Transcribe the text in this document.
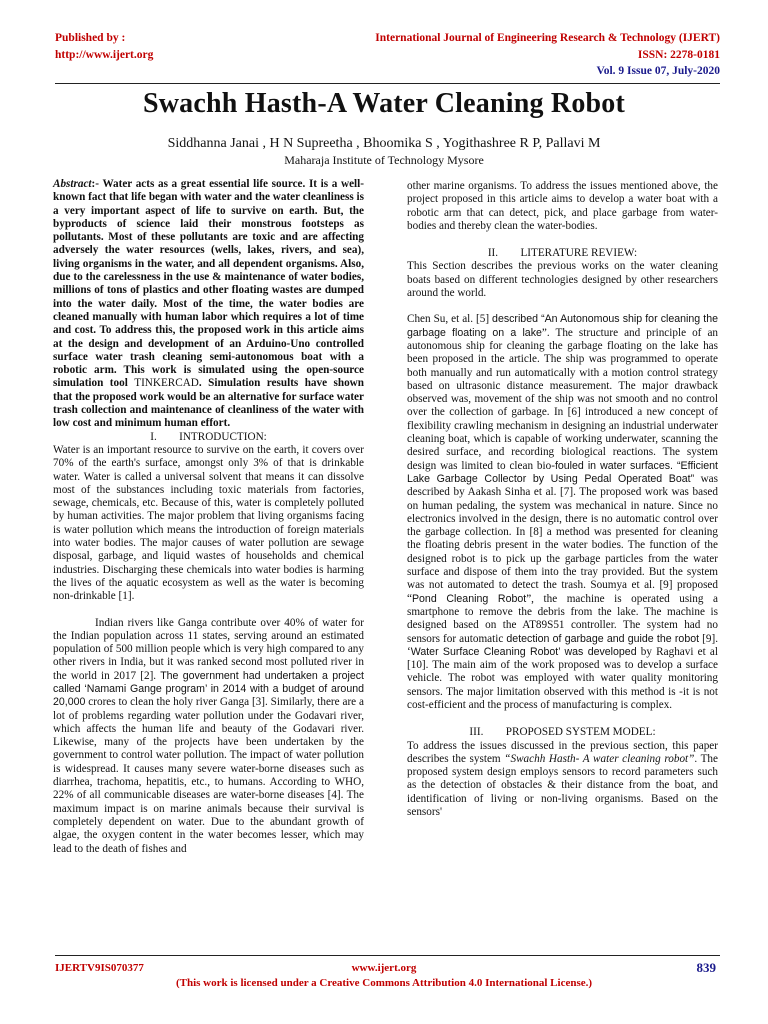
Published by :
http://www.ijert.org
International Journal of Engineering Research & Technology (IJERT)
ISSN: 2278-0181
Vol. 9 Issue 07, July-2020
Swachh Hasth-A Water Cleaning Robot
Siddhanna Janai , H N Supreetha , Bhoomika S , Yogithashree R P, Pallavi M
Maharaja Institute of Technology Mysore

Abstract:- Water acts as a great essential life source. It is a well-known fact that life began with water and the water cleanliness is a very important aspect of life to survive on earth. But, the byproducts of science laid their monstrous footsteps as pollutants. Most of these pollutants are toxic and are affecting adversely the water resources (wells, lakes, rivers, and sea), living organisms in the water, and all dependent organisms. Also, due to the carelessness in the use & maintenance of water bodies, millions of tons of plastics and other floating wastes are dumped into the water daily. Most of the time, the water bodies are cleaned manually with human labor which requires a lot of time and cost. To address this, the proposed work in this article aims at the design and development of an Arduino-Uno controlled surface water trash cleaning semi-autonomous boat with a robotic arm. This work is simulated using the open-source simulation tool TINKERCAD. Simulation results have shown that the proposed work would be an alternative for surface water trash collection and maintenance of cleanliness of the water with low cost and minimum human effort.

I.        INTRODUCTION:

Water is an important resource to survive on the earth, it covers over 70% of the earth's surface, amongst only 3% of that is drinkable water. Water is called a universal solvent that means it can dissolve most of the substances including toxic materials from factories, sewage, chemicals, etc. Because of this, water is completely polluted by human activities. The major problem that living organisms facing is water pollution which means the introduction of foreign materials into water bodies. The major causes of water pollution are sewage disposal, garbage, and liquid wastes of households and chemical industries. Discharging these chemicals into water bodies is harming the lives of the aquatic ecosystem as well as the water is becoming non-drinkable [1].

Indian rivers like Ganga contribute over 40% of water for the Indian population across 11 states, serving around an estimated population of 500 million people which is very high compared to any other rivers in India, but it was ranked second most polluted river in the world in 2017 [2]. The government had undertaken a project called ‘Namami Gange program’ in 2014 with a budget of around 20,000 crores to clean the holy river Ganga [3]. Similarly, there are a lot of problems regarding water pollution under the Godavari river, which affects the human life and beauty of the Godavari river. Likewise, many of the projects have been undertaken by the government to control water pollution. The impact of water pollution is widespread. It causes many severe water-borne diseases such as diarrhea, trachoma, hepatitis, etc., to humans. According to WHO, 22% of all communicable diseases are water-borne diseases [4]. The maximum impact is on marine animals because their survival is completely dependent on water. Due to the abundant growth of algae, the oxygen content in the water becomes lesser, which may lead to the death of fishes and

other marine organisms. To address the issues mentioned above, the project proposed in this article aims to develop a water boat with a robotic arm that can detect, pick, and place garbage from water-bodies and thereby clean the water-bodies.

II.        LITERATURE REVIEW:

This Section describes the previous works on the water cleaning boats based on different technologies designed by other researchers around the world.

Chen Su, et al. [5] described “An Autonomous ship for cleaning the garbage floating on a lake”. The structure and principle of an autonomous ship for cleaning the garbage floating on the lake has been proposed in the article. The ship was programmed to operate both manually and run automatically with a motion control strategy based on ultrasonic distance measurement. The major drawback observed was, movement of the ship was not smooth and no control over the collection of garbage. In [6] introduced a new concept of flexibility crawling mechanism in designing an industrial underwater cleaning boat, which is capable of working underwater, scanning the desired surface, and recording biological reactions. The system design was limited to clean bio-fouled in water surfaces. “Efficient Lake Garbage Collector by Using Pedal Operated Boat” was described by Aakash Sinha et al. [7]. The proposed work was based on human pedaling, the system was mechanical in nature. Since no electronics involved in the design, there is no automatic control over the garbage collection. In [8] a method was presented for cleaning the floating debris present in the water bodies. The function of the designed robot is to pick up the garbage particles from the water surface and dispose of them into the tray provided. But the system was not automated to detect the trash. Soumya et al. [9] proposed “Pond Cleaning Robot”, the machine is operated using a smartphone to remove the debris from the lake. The machine is designed based on the AT89S51 controller. The system had no sensors for automatic detection of garbage and guide the robot [9]. ‘Water Surface Cleaning Robot’ was developed by Raghavi et al [10]. The main aim of the work proposed was to develop a surface vehicle. The robot was employed with water quality monitoring sensors. The major limitation observed with this method is -it is not cost-efficient and the process of manufacturing is complex.

III.        PROPOSED SYSTEM MODEL:

To address the issues discussed in the previous section, this paper describes the system “Swachh Hasth- A water cleaning robot”. The proposed system design employs sensors to record parameters such as the detection of obstacles & their distance from the boat, and identification of living or non-living organisms. Based on the sensors'

IJERTV9IS070377	www.ijert.org	839
(This work is licensed under a Creative Commons Attribution 4.0 International License.)
